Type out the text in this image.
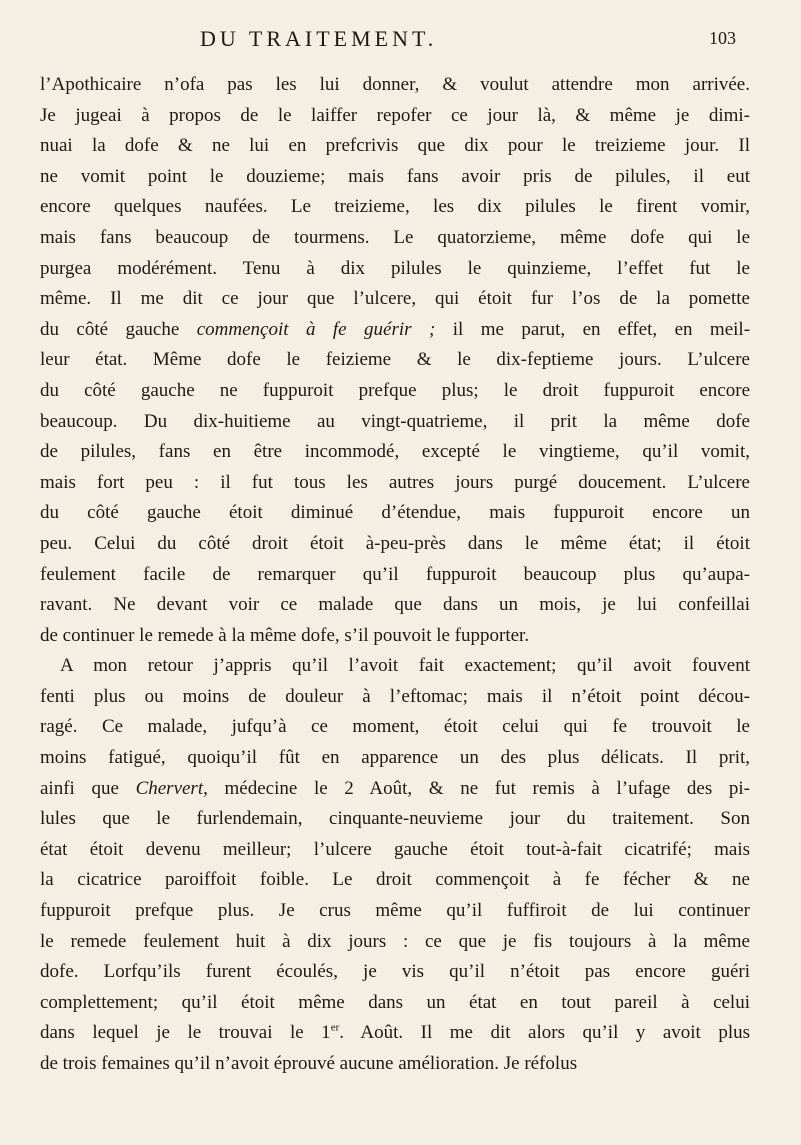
DU TRAITEMENT.	103
l’Apothicaire n’ofa pas les lui donner, & voulut attendre mon arrivée.
Je jugeai à propos de le laiffer repofer ce jour là, & même je dimi-
nuai la dofe & ne lui en prefcrivis que dix pour le treizieme jour. Il
ne vomit point le douzieme; mais fans avoir pris de pilules, il eut
encore quelques naufées. Le treizieme, les dix pilules le firent vomir,
mais fans beaucoup de tourmens. Le quatorzieme, même dofe qui le
purgea modérément. Tenu à dix pilules le quinzieme, l’effet fut le
même. Il me dit ce jour que l’ulcere, qui étoit fur l’os de la pomette
du côté gauche commençoit à fe guérir ; il me parut, en effet, en meil-
leur état. Même dofe le feizieme & le dix-feptieme jours. L’ulcere
du côté gauche ne fuppuroit prefque plus; le droit fuppuroit encore
beaucoup. Du dix-huitieme au vingt-quatrieme, il prit la même dofe
de pilules, fans en être incommodé, excepté le vingtieme, qu’il vomit,
mais fort peu : il fut tous les autres jours purgé doucement. L’ulcere
du côté gauche étoit diminué d’étendue, mais fuppuroit encore un
peu. Celui du côté droit étoit à-peu-près dans le même état; il étoit
feulement facile de remarquer qu’il fuppuroit beaucoup plus qu’aupa-
ravant. Ne devant voir ce malade que dans un mois, je lui confeillai
de continuer le remede à la même dofe, s’il pouvoit le fupporter.
A mon retour j’appris qu’il l’avoit fait exactement; qu’il avoit fouvent
fenti plus ou moins de douleur à l’eftomac; mais il n’étoit point décou-
ragé. Ce malade, jufqu’à ce moment, étoit celui qui fe trouvoit le
moins fatigué, quoiqu’il fût en apparence un des plus délicats. Il prit,
ainfi que Chervert, médecine le 2 Août, & ne fut remis à l’ufage des pi-
lules que le furlendemain, cinquante-neuvieme jour du traitement. Son
état étoit devenu meilleur; l’ulcere gauche étoit tout-à-fait cicatrifé; mais
la cicatrice paroiffoit foible. Le droit commençoit à fe fécher & ne
fuppuroit prefque plus. Je crus même qu’il fuffiroit de lui continuer
le remede feulement huit à dix jours : ce que je fis toujours à la même
dofe. Lorfqu’ils furent écoulés, je vis qu’il n’étoit pas encore guéri
complettement; qu’il étoit même dans un état en tout pareil à celui
dans lequel je le trouvai le 1er. Août. Il me dit alors qu’il y avoit plus
de trois femaines qu’il n’avoit éprouvé aucune amélioration. Je réfolus
